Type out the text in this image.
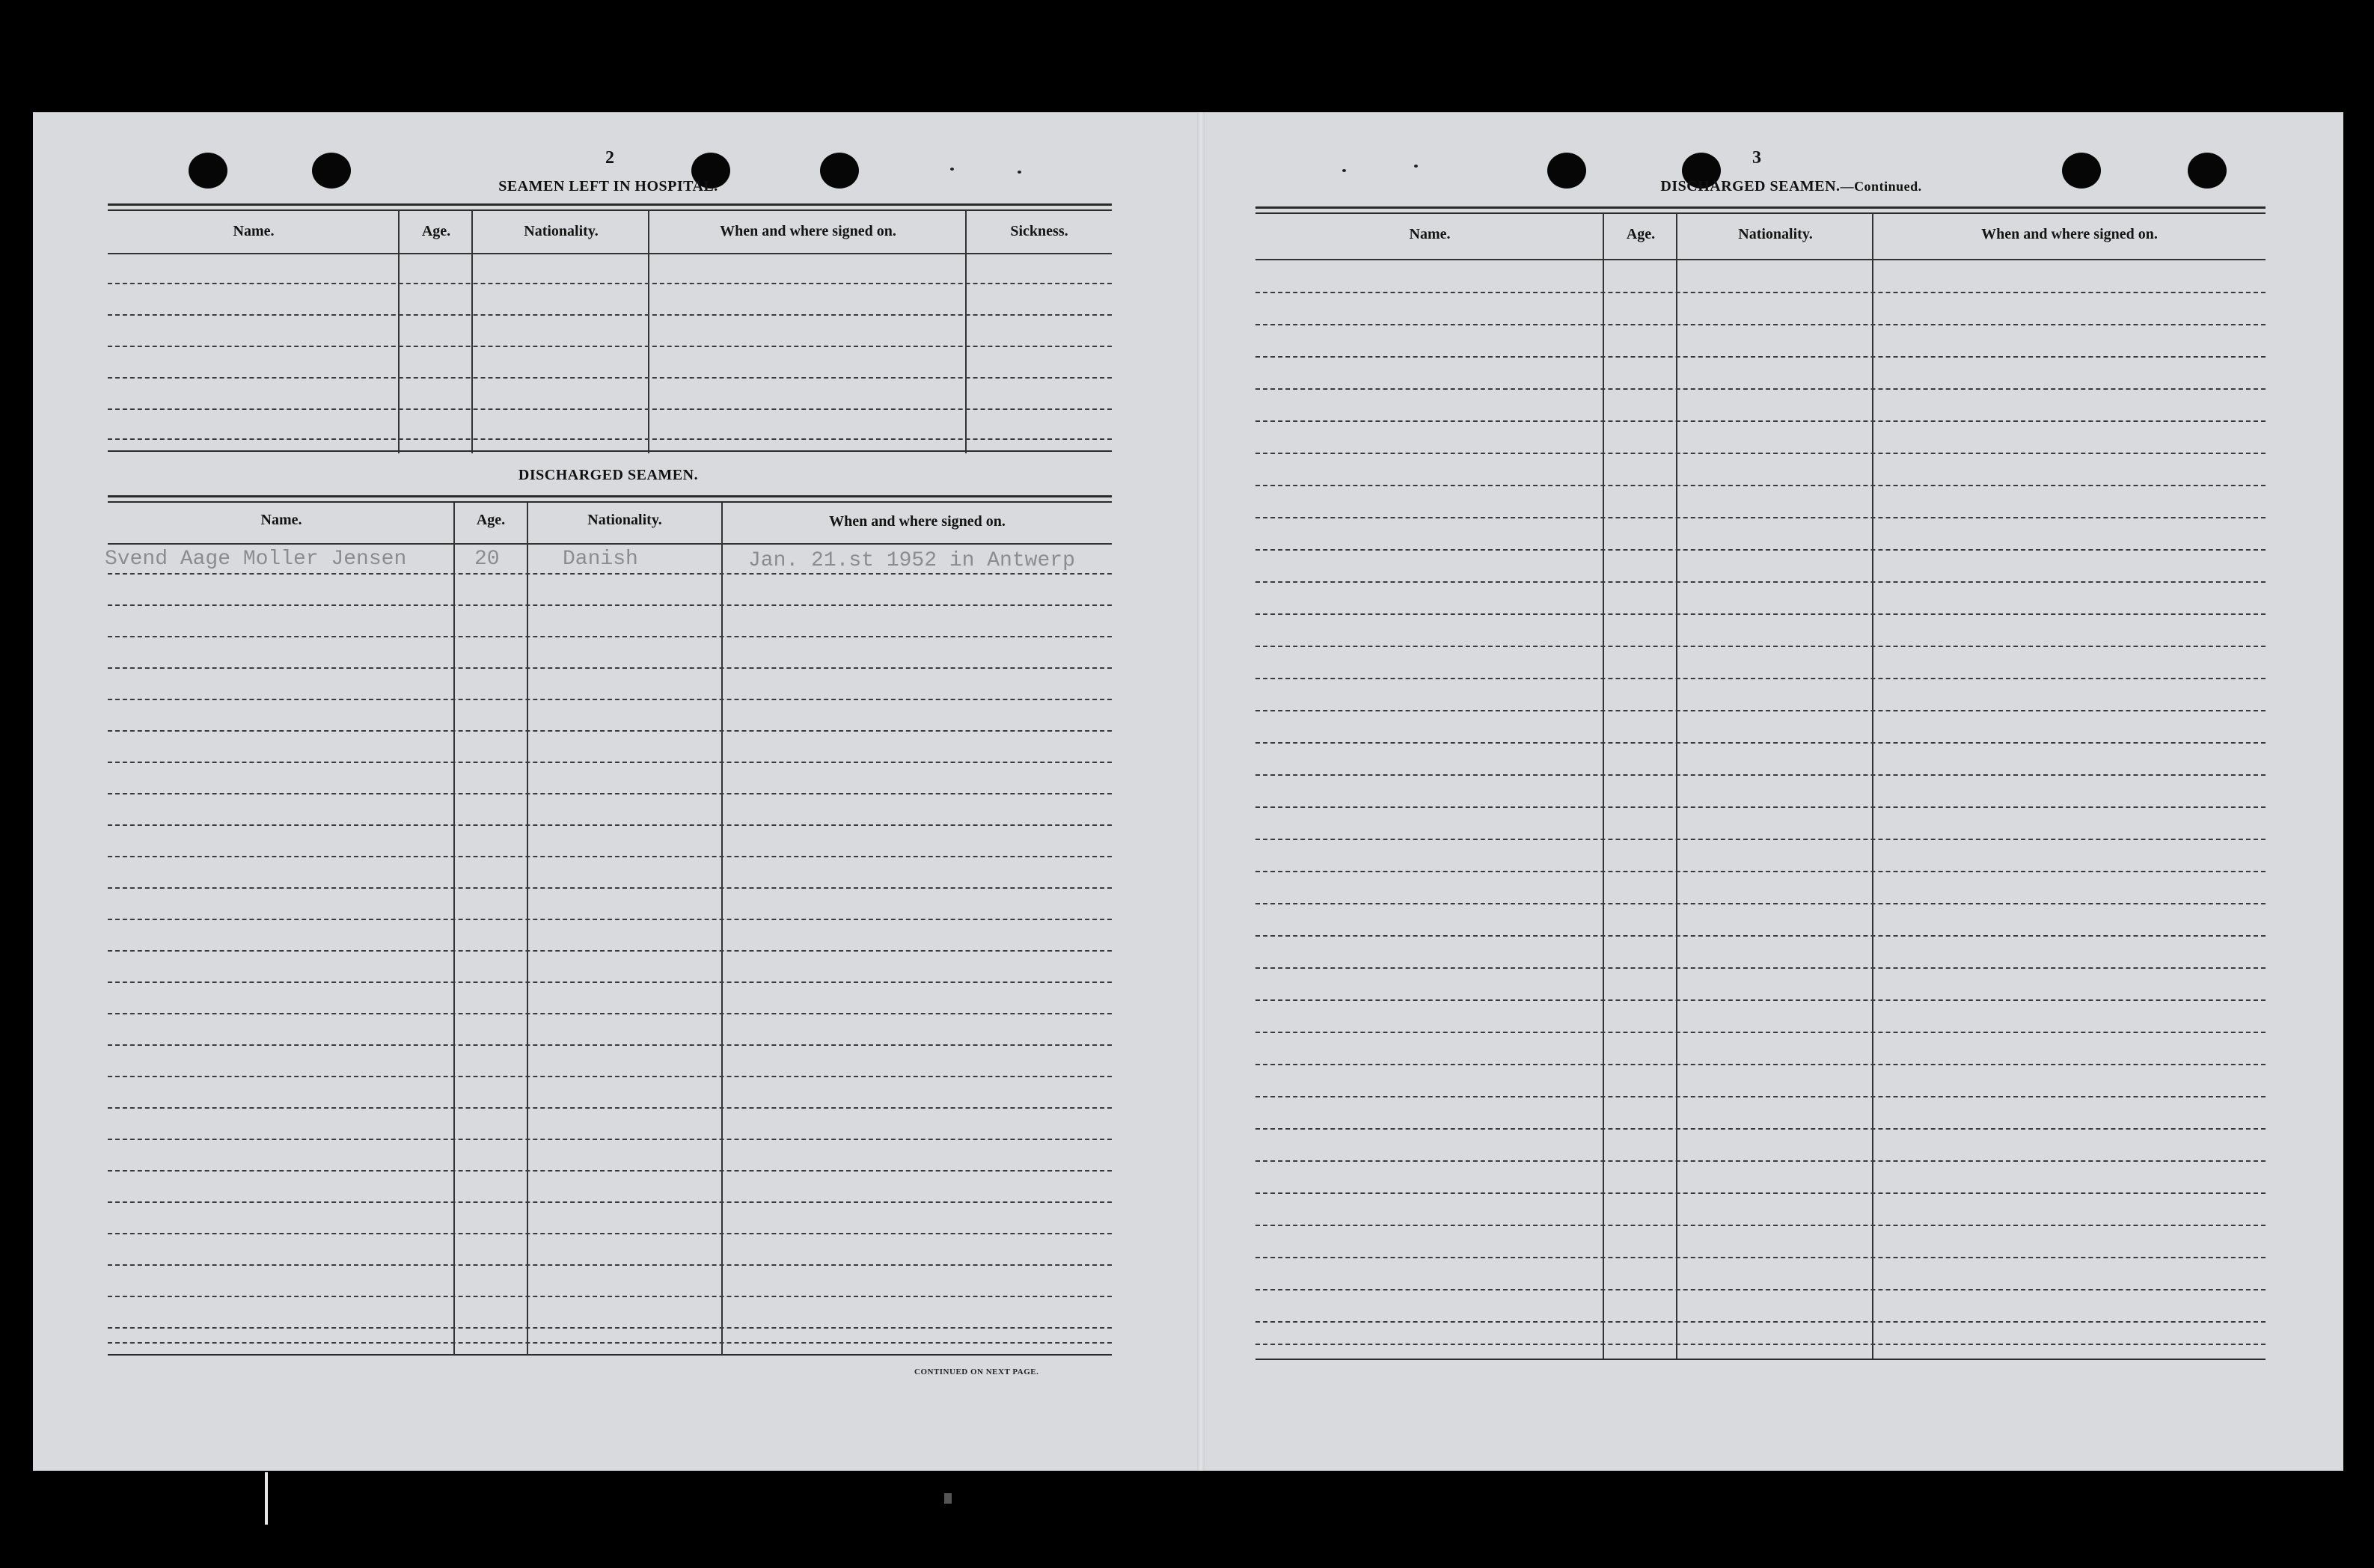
2
SEAMEN LEFT IN HOSPITAL.
Name.	Age.	Nationality.	When and where signed on.	Sickness.
DISCHARGED SEAMEN.
Name.	Age.	Nationality.	When and where signed on.
Svend Aage Moller Jensen	20	Danish	Jan. 21.st 1952 in Antwerp
CONTINUED ON NEXT PAGE.
3
DISCHARGED SEAMEN.—Continued.
Name.	Age.	Nationality.	When and where signed on.
